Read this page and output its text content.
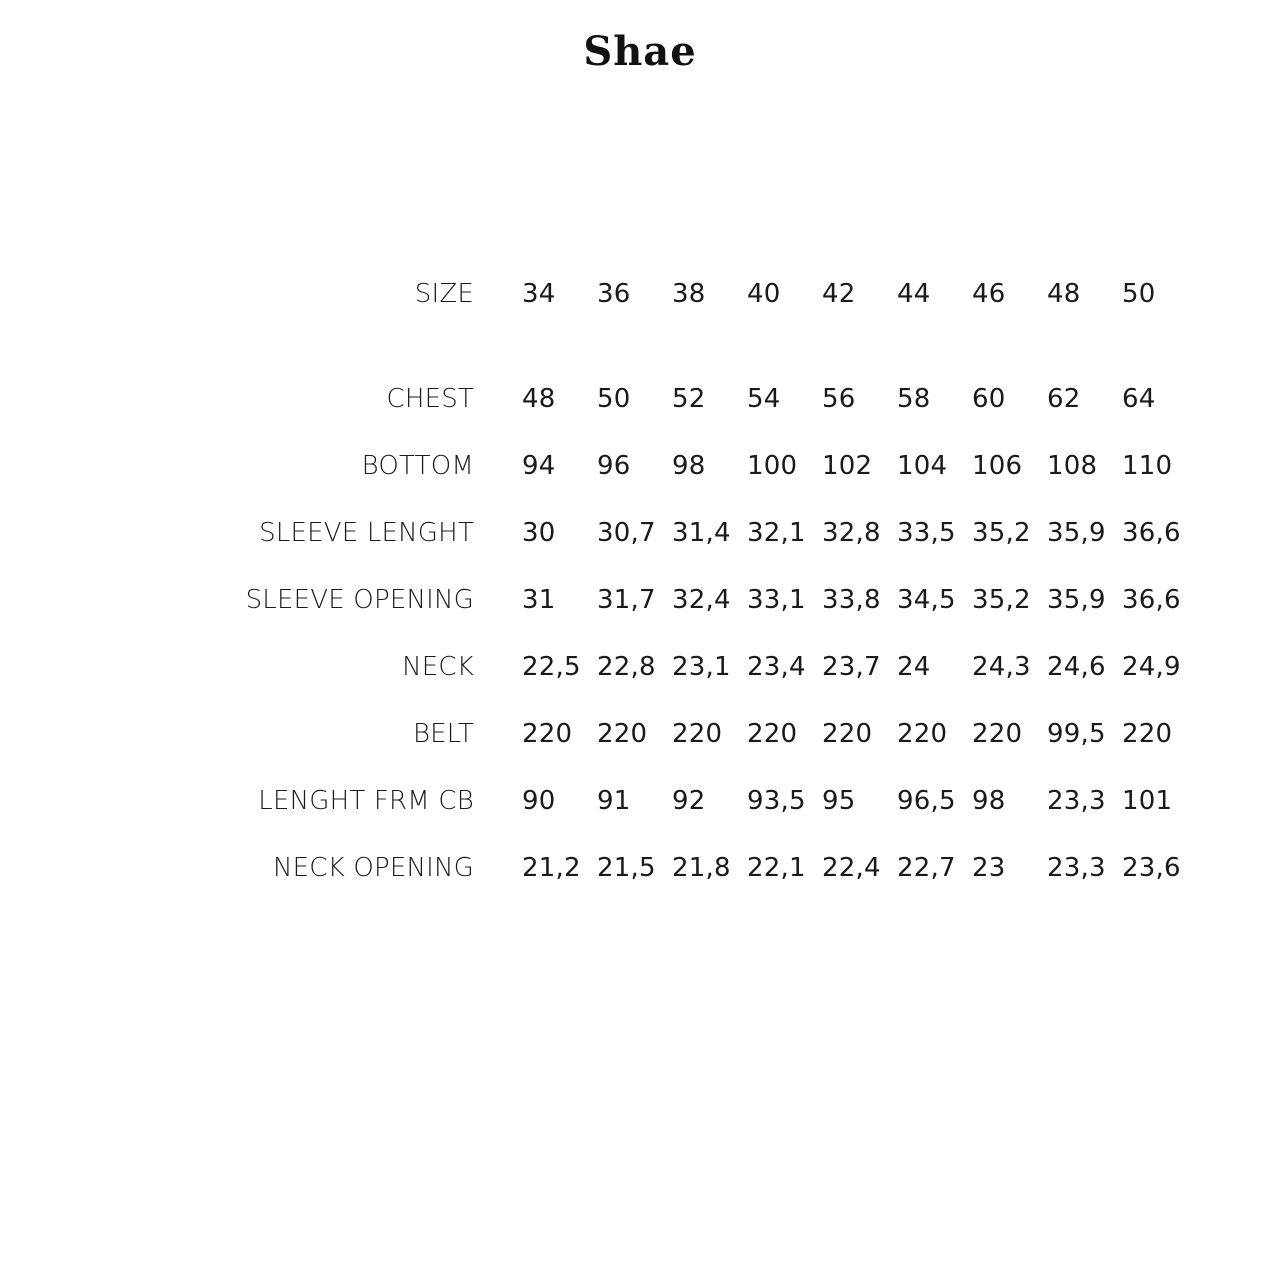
Shae
SIZE 34 36 38 40 42 44 46 48 50
CHEST 48 50 52 54 56 58 60 62 64
BOTTOM 94 96 98 100 102 104 106 108 110
SLEEVE LENGHT 30 30,7 31,4 32,1 32,8 33,5 35,2 35,9 36,6
SLEEVE OPENING 31 31,7 32,4 33,1 33,8 34,5 35,2 35,9 36,6
NECK 22,5 22,8 23,1 23,4 23,7 24 24,3 24,6 24,9
BELT 220 220 220 220 220 220 220 99,5 220
LENGHT FRM CB 90 91 92 93,5 95 96,5 98 23,3 101
NECK OPENING 21,2 21,5 21,8 22,1 22,4 22,7 23 23,3 23,6
